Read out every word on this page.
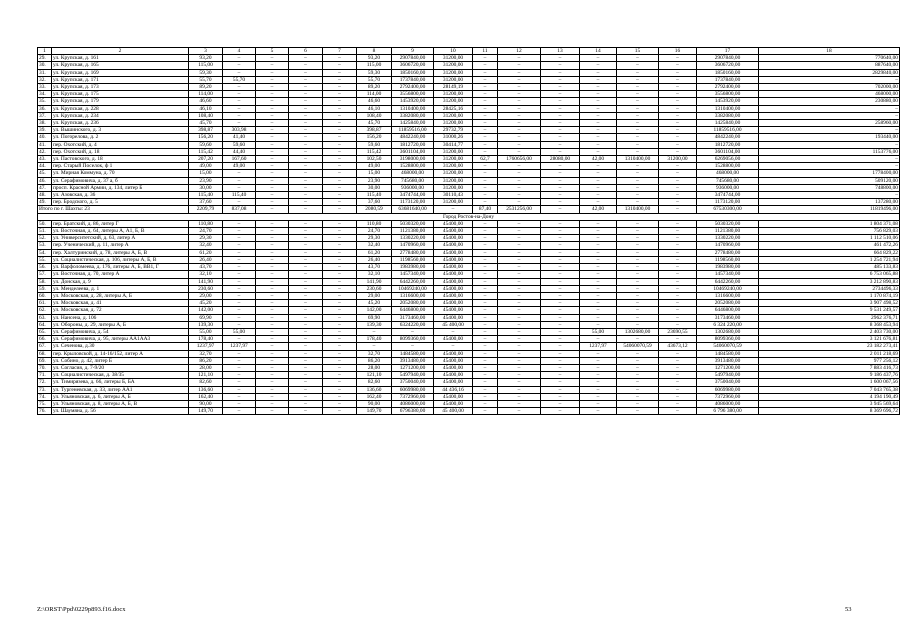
1	2	3	4	5	6	7	8	9	10	11	12	13	14	15	16	17	18
29.	ул. Крупская, д. 161	93,20	–	–	–	–	93,20	2907840,00	31200,00	–	–	–	–	–	–	2907840,00	770640,00
30.	ул. Крупская, д. 165	115,00	–	–	–	–	115,00	3606720,00	31200,00	–	–	–	–	–	–	3606720,00	887640,00
31.	ул. Крупская, д. 169	59,30	–	–	–	–	59,30	1850160,00	31200,00	–	–	–	–	–	–	1850160,00	2829840,00
32.	ул. Крупская, д. 171	55,70	55,70	–	–	–	55,70	1737840,00	31200,00	–	–	–	–	–	–	1737840,00	–
33.	ул. Крупская, д. 173	89,20	–	–	–	–	89,20	2792400,00	28149,19	–	–	–	–	–	–	2792400,00	702000,00
34.	ул. Крупская, д. 175	114,00	–	–	–	–	114,00	3556800,00	31200,00	–	–	–	–	–	–	3556800,00	468000,00
35.	ул. Крупская, д. 179	46,60	–	–	–	–	46,60	1453920,00	31200,00	–	–	–	–	–	–	1453920,00	230880,00
36.	ул. Крупская, д. 228	46,10	–	–	–	–	46,10	1310400,00	28425,16	–	–	–	–	–	–	1310400,00	–
37.	ул. Крупская, д. 234	108,40	–	–	–	–	108,40	3382080,00	31200,00	–	–	–	–	–	–	3382080,00	–
38.	ул. Крупская, д. 236	45,70	–	–	–	–	45,70	1425840,00	31200,00	–	–	–	–	–	–	1425840,00	258960,00
39.	ул. Вышинского, д. 3	398,87	303,98	–	–	–	398,87	11859516,00	29732,79	–	–	–	–	–	–	11859516,00	–
40.	ул. Погорелова, д. 2	156,20	41,40	–	–	–	156,20	4842240,00	31000,26	–	–	–	–	–	–	4842240,00	193440,00
41.	пер. Охотский, д. 4	59,60	59,60	–	–	–	59,60	1812720,00	30414,77	–	–	–	–	–	–	1812720,00	–
42.	пер. Охотский, д. 18	115,42	44,40	–	–	–	115,42	3601104,00	31200,00	–	–	–	–	–	–	3601104,00	1153776,00
43.	ул. Пастовского, д. 18	207,20	167,60	–	–	–	102,50	3198000,00	31200,00	62,7	1760656,00	28080,00	42,00	1310400,00	31200,00	6269056,00	–
44.	пер. Старый Поселок, ф 1	49,00	49,00	–	–	–	49,00	1528800,00	31200,00	–	–	–	–	–	–	1528800,00	–
45.	ул. Мирная Коммуна, д. 70	15,00	–	–	–	–	15,00	468000,00	31200,00	–	–	–	–	–	–	468000,00	1778400,00
46.	ул. Серафимовича, д. 37 а, б	23,90	–	–	–	–	23,90	745680,00	31200,00	–	–	–	–	–	–	745680,00	509120,00
47.	просп. Красной Армии, д. 134, литер Б	30,00	–	–	–	–	30,00	936000,00	31200,00	–	–	–	–	–	–	936000,00	748800,00
48.	ул. Азовская, д. 36	115,40	115,40	–	–	–	115,40	3474744,00	30110,43	–	–	–	–	–	–	3474744,00	–
49.	пер. Бродского, д. 5	37,60	–	–	–	–	37,60	1173120,00	31200,00	–	–	–	–	–	–	1173120,00	137280,00
Итого по г. Шахты: 23		2209,79	837,08	–	–	–	2080,59	63681640,00	–	87,40	2531256,00	–	42,00	1310400,00	–	67530300,00	11819496,00
Город Ростов-на-Дону																	
50.	пер. Братский, д. 86, литер Г	110,80	–	–	–	–	110,80	5030320,00	45400,00	–	–	–	–	–	–	5030320,00	1 804 371,08
51.	ул. Восточная, д. 64, литеры А, А1, Б, В	24,70	–	–	–	–	24,70	1121380,00	45400,00	–	–	–	–	–	–	1121380,00	756 829,03
52.	ул. Университетский, д. 63, литер А	29,30	–	–	–	–	29,30	1330220,00	45400,00	–	–	–	–	–	–	1330220,00	1 112 510,06
53.	пер. Ученический, д. 11, литер А	32,40	–	–	–	–	32,40	1470960,00	45400,00	–	–	–	–	–	–	1470960,00	461 472,26
54.	пер. Халтуринский, д. 78, литеры А, Б, В	61,20	–	–	–	–	61,20	2778480,00	45400,00	–	–	–	–	–	–	2778480,00	664 829,22
55.	ул. Социалистическая, д. 106, литеры А, Б, В	26,40	–	–	–	–	26,40	1198560,00	45400,00	–	–	–	–	–	–	1198560,00	1 254 721,94
56.	ул. Варфоломеева, д. 176, литеры А, Б, ВВ1, Г	43,70	–	–	–	–	43,70	1983980,00	45400,00	–	–	–	–	–	–	1983980,00	485 133,83
57.	ул. Восточная, д. 70, литер А	32,10	–	–	–	–	32,10	1457340,00	45400,00	–	–	–	–	–	–	1457340,00	6 753 065,88
58.	ул. Донская, д. 9	141,90	–	–	–	–	141,90	6442260,00	45400,00	–	–	–	–	–	–	6442260,00	3 212 890,83
59.	ул. Менделеева, д. 1	230,60	–	–	–	–	230,60	10469240,00	45400,00	–	–	–	–	–	–	10469240,00	2734496,33
60.	ул. Московская, д. 28, литеры А, Б	29,00	–	–	–	–	29,00	1316600,00	45400,00	–	–	–	–	–	–	1316600,00	1 170 874,19
61.	ул. Московская, д. 41	45,20	–	–	–	–	45,20	2052080,00	45400,00	–	–	–	–	–	–	2052080,00	3 907 498,52
62.	ул. Московская, д. 72	142,00	–	–	–	–	142,00	6446800,00	45400,00	–	–	–	–	–	–	6446800,00	9 531 249,57
63.	ул. Нансена, д. 106	69,90	–	–	–	–	69,90	3173460,00	45400,00	–	–	–	–	–	–	3173460,00	2962 376,71
64.	ул. Обороны, д. 29, литеры А, Б	139,30	–	–	–	–	139,30	6324220,00	45 400,00	–	–	–	–	–	–	6 324 220,00	8 368 453,94
65.	ул. Серафимовича, д. 54	55,00	55,00	–	–	–	–	–	–	–	–	–	55,00	1302680,00	23690,55	1302680,00	2 403 730,00
66.	ул. Серафимовича, д. 95, литеры АА1АА3	178,40	–	–	–	–	178,40	8099360,00	45400,00	–	–	–	–	–	–	8099360,00	3 121 676,81
67.	ул. Сеченова, д.30	1237,97	1237,97	–	–	–	–	–	–	–	–	–	1237,97	54060070,59	43673,12	54060070,59	23 182 273,41
68.	пер. Крыловской, д. 14-16/152, литер А	32,70	–	–	–	–	32,70	1484580,00	45400,00	–	–	–	–	–	–	1484580,00	2 011 218,69
69.	ул. Собино, д. 42, литер Б	86,20	–	–	–	–	86,20	3913480,00	45400,00	–	–	–	–	–	–	3913480,00	977 256,12
70.	ул. Согласия, д. 7-9/20	28,00	–	–	–	–	28,00	1271200,00	45400,00	–	–	–	–	–	–	1271200,00	7 883 416,73
71.	ул. Социалистическая, д. 38/35	121,10	–	–	–	–	121,10	5497940,00	45400,00	–	–	–	–	–	–	5497940,00	9 186 437,76
72.	ул. Тимирязева, д. 66, литеры Б, БА	82,60	–	–	–	–	82,60	3750040,00	45400,00	–	–	–	–	–	–	3750040,00	1 600 067,56
73.	ул. Тургеневская, д. 33, литер АА1	136,60	–	–	–	–	136,60	6069980,00	44 436,16	–	–	–	–	–	–	6069980,00	7 043 765,38
74.	ул. Ульяновская, д. 6, литеры А, Б	162,40	–	–	–	–	162,40	7372960,00	45400,00	–	–	–	–	–	–	7372960,00	4 194 190,49
75.	ул. Ульяновская, д. 8, литеры А, Б, В	90,00	–	–	–	–	90,00	4086000,00	45400,00	–	–	–	–	–	–	4086000,00	3 945 569,64
76.	ул. Шаумяна, д. 56	149,70	–	–	–	–	149,70	6796380,00	45 400,00	–	–	–	–	–	–	6 796 380,00	8 369 696,72
Z:\ORST\Ppd\0229p893.f16.docx	53
